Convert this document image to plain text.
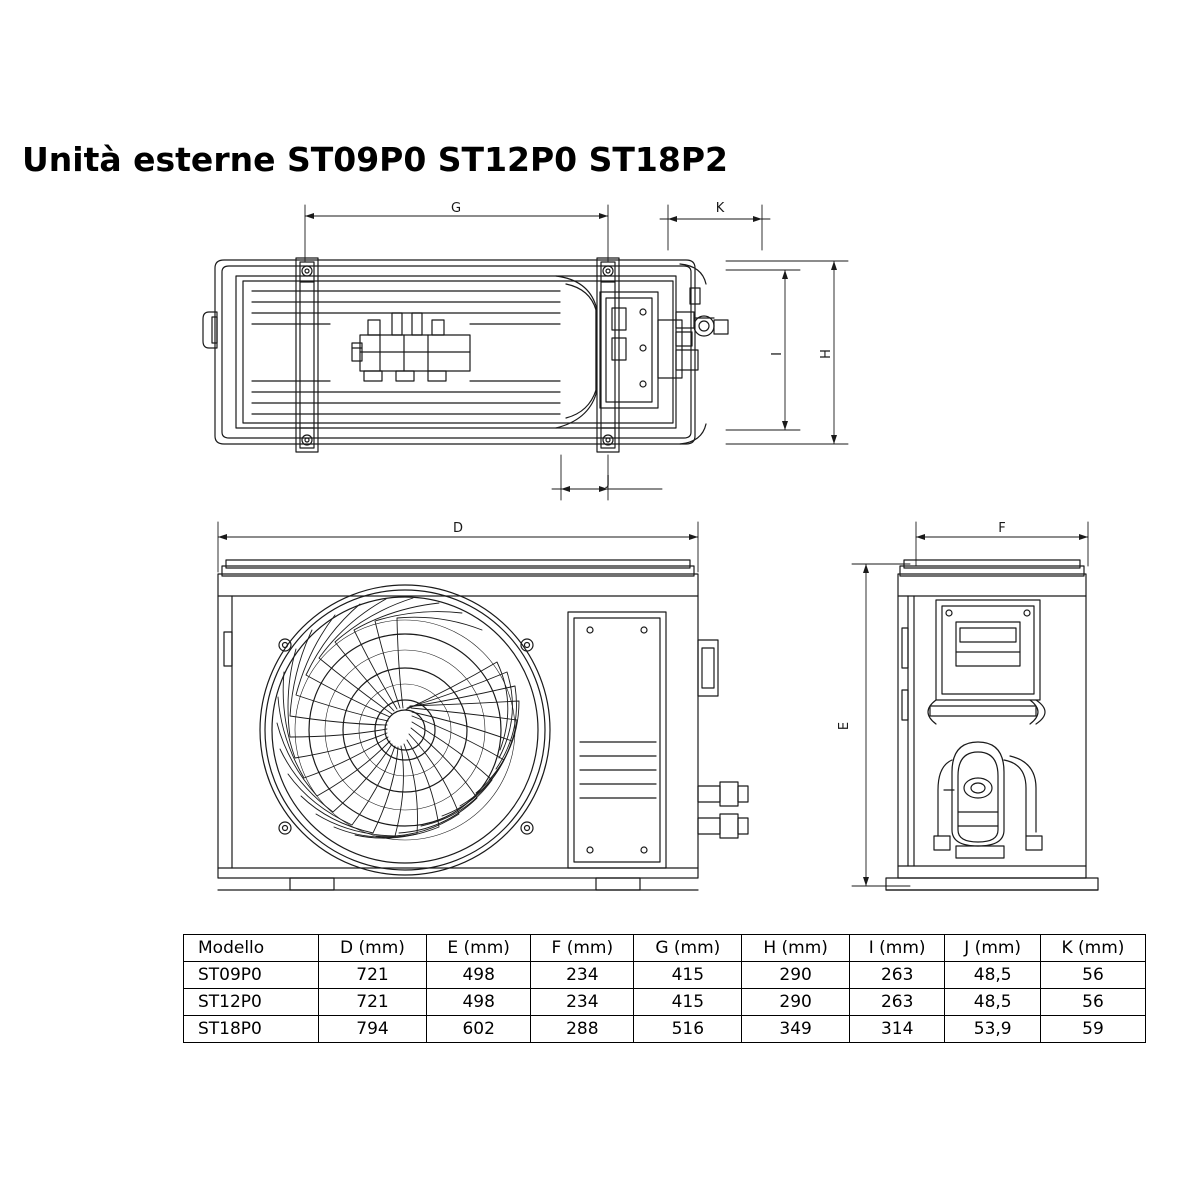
Unità esterne ST09P0 ST12P0 ST18P2
G	K
I	H
J
D	F
E
Modello	D (mm)	E (mm)	F (mm)	G (mm)	H (mm)	I (mm)	J (mm)	K (mm)
ST09P0	721	498	234	415	290	263	48,5	56
ST12P0	721	498	234	415	290	263	48,5	56
ST18P0	794	602	288	516	349	314	53,9	59
